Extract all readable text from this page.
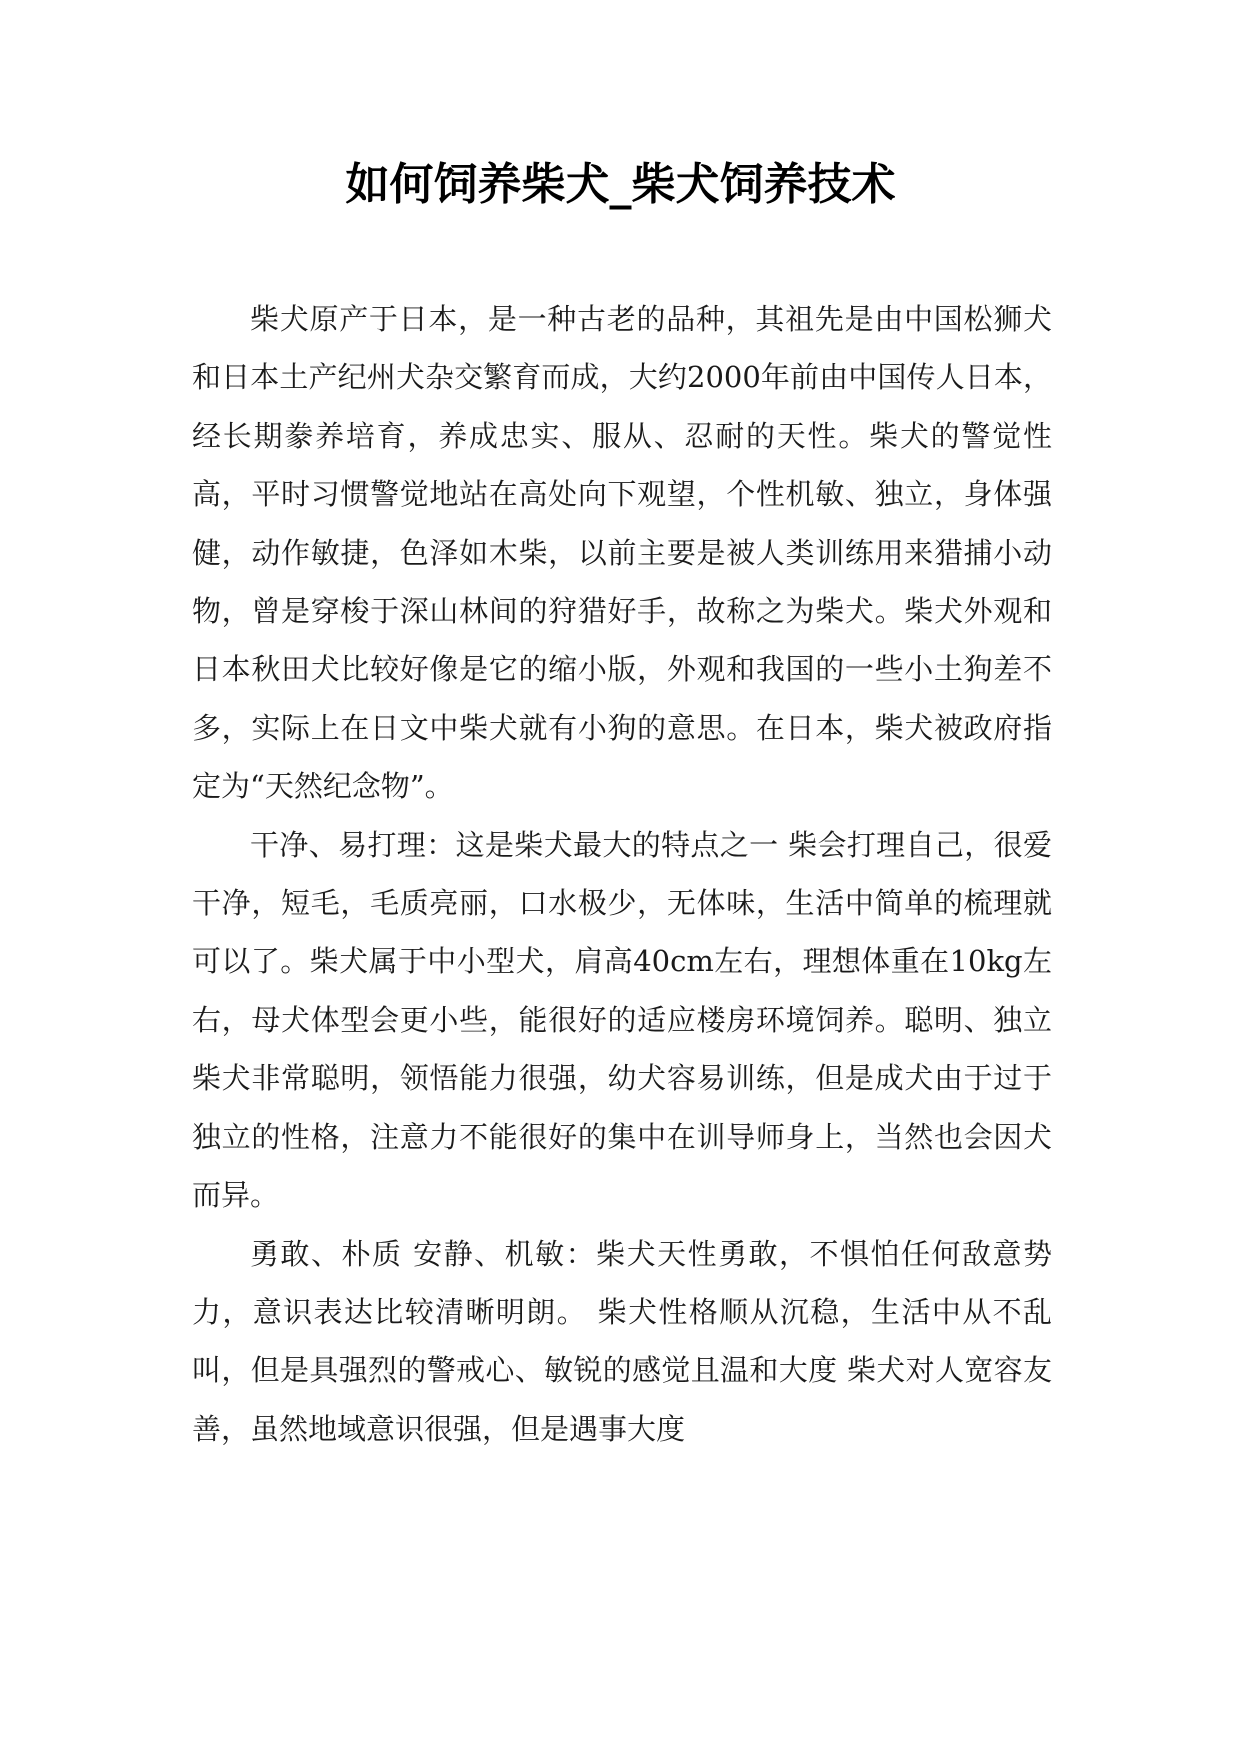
如何饲养柴犬_柴犬饲养技术

柴犬原产于日本，是一种古老的品种，其祖先是由中国松狮犬和日本土产纪州犬杂交繁育而成，大约2000年前由中国传人日本，经长期豢养培育，养成忠实、服从、忍耐的天性。柴犬的警觉性高，平时习惯警觉地站在高处向下观望，个性机敏、独立，身体强健，动作敏捷，色泽如木柴，以前主要是被人类训练用来猎捕小动物，曾是穿梭于深山林间的狩猎好手，故称之为柴犬。柴犬外观和日本秋田犬比较好像是它的缩小版，外观和我国的一些小土狗差不多，实际上在日文中柴犬就有小狗的意思。在日本，柴犬被政府指定为“天然纪念物”。

干净、易打理：这是柴犬最大的特点之一 柴会打理自己，很爱干净，短毛，毛质亮丽，口水极少，无体味，生活中简单的梳理就可以了。柴犬属于中小型犬，肩高40cm左右，理想体重在10kg左右，母犬体型会更小些，能很好的适应楼房环境饲养。聪明、独立 柴犬非常聪明，领悟能力很强，幼犬容易训练，但是成犬由于过于独立的性格，注意力不能很好的集中在训导师身上，当然也会因犬而异。

勇敢、朴质 安静、机敏：柴犬天性勇敢，不惧怕任何敌意势力，意识表达比较清晰明朗。 柴犬性格顺从沉稳，生活中从不乱叫，但是具强烈的警戒心、敏锐的感觉且温和大度 柴犬对人宽容友善，虽然地域意识很强，但是遇事大度
